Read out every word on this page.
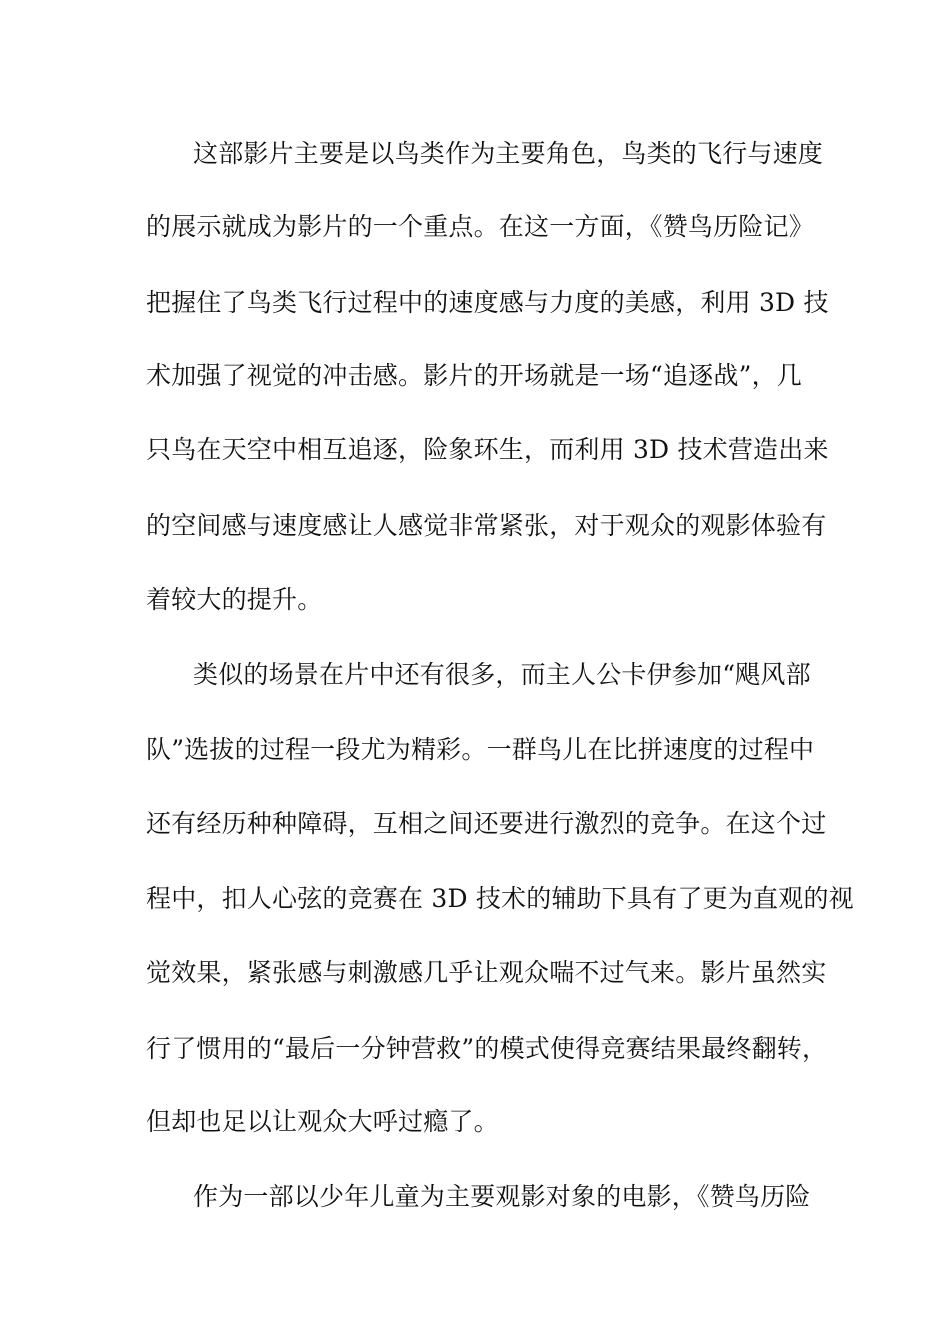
这部影片主要是以鸟类作为主要角色，鸟类的飞行与速度
的展示就成为影片的一个重点。在这一方面，《赞鸟历险记》
把握住了鸟类飞行过程中的速度感与力度的美感，利用 3D 技
术加强了视觉的冲击感。影片的开场就是一场“追逐战”，几
只鸟在天空中相互追逐，险象环生，而利用 3D 技术营造出来
的空间感与速度感让人感觉非常紧张，对于观众的观影体验有
着较大的提升。
类似的场景在片中还有很多，而主人公卡伊参加“飓风部
队”选拔的过程一段尤为精彩。一群鸟儿在比拼速度的过程中
还有经历种种障碍，互相之间还要进行激烈的竞争。在这个过
程中，扣人心弦的竞赛在 3D 技术的辅助下具有了更为直观的视
觉效果，紧张感与刺激感几乎让观众喘不过气来。影片虽然实
行了惯用的“最后一分钟营救”的模式使得竞赛结果最终翻转，
但却也足以让观众大呼过瘾了。
作为一部以少年儿童为主要观影对象的电影，《赞鸟历险
